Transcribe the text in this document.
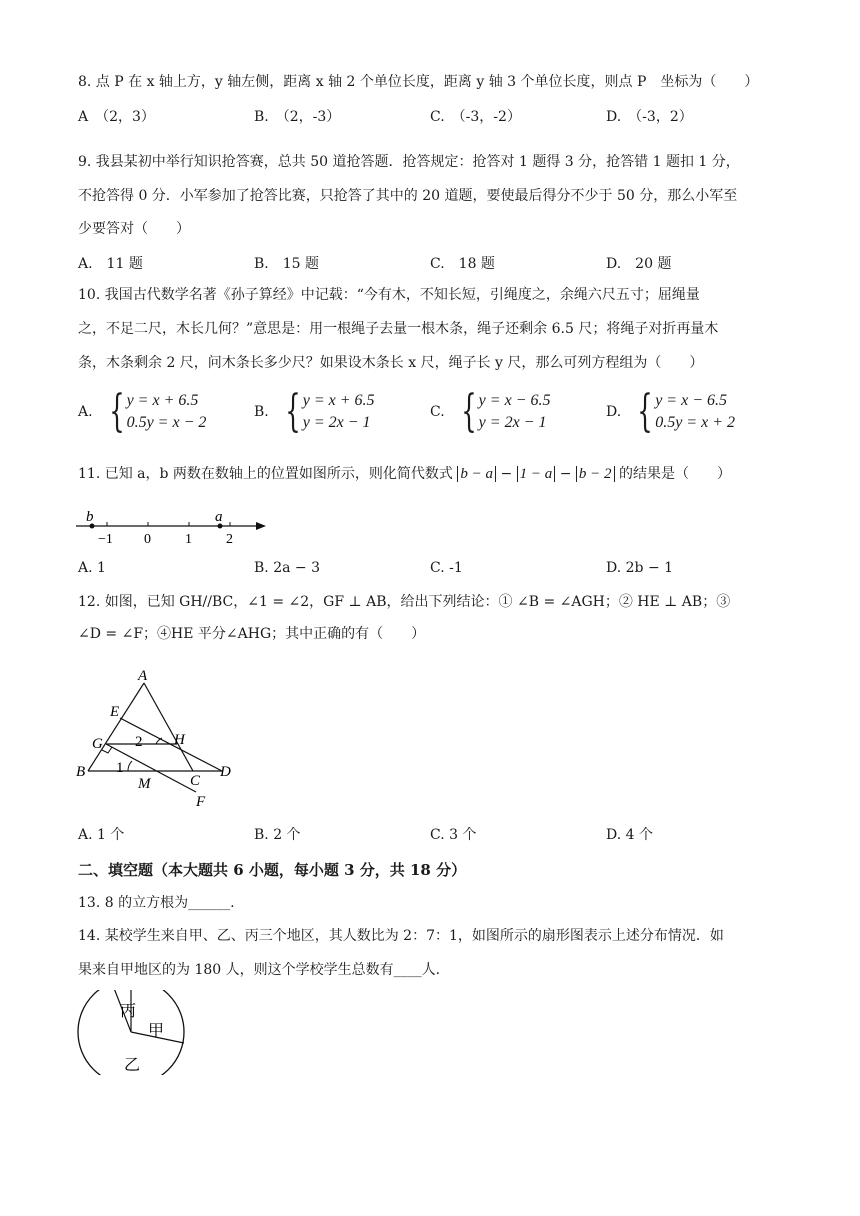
8. 点 P 在 x 轴上方，y 轴左侧，距离 x 轴 2 个单位长度，距离 y 轴 3 个单位长度，则点 P　坐标为（　　）
A　（2，3）	B.　（2，-3）	C.　（-3，-2）	D.　（-3，2）
9. 我县某初中举行知识抢答赛，总共 50 道抢答题．抢答规定：抢答对 1 题得 3 分，抢答错 1 题扣 1 分，
不抢答得 0 分．小军参加了抢答比赛，只抢答了其中的 20 道题，要使最后得分不少于 50 分，那么小军至
少要答对（　　）
A.　11 题	B.　15 题	C.　18 题	D.　20 题
10. 我国古代数学名著《孙子算经》中记载：“今有木，不知长短，引绳度之，余绳六尺五寸；屈绳量
之，不足二尺，木长几何？”意思是：用一根绳子去量一根木条，绳子还剩余 6.5 尺；将绳子对折再量木
条，木条剩余 2 尺，问木条长多少尺？如果设木条长 x 尺，绳子长 y 尺，那么可列方程组为（　　）
A. { y = x + 6.5
0.5y = x − 2
B. { y = x + 6.5
y = 2x − 1
C. { y = x − 6.5
y = 2x − 1
D. { y = x − 6.5
0.5y = x + 2
11. 已知 a，b 两数在数轴上的位置如图所示，则化简代数式 b − a − 1 − a − b − 2 的结果是（　　）
b	a
−1 0 1 2
A. 1	B. 2a − 3	C. -1	D. 2b − 1
12. 如图，已知 GH//BC，∠1 = ∠2，GF ⊥ AB，给出下列结论：① ∠B = ∠AGH；② HE ⊥ AB；③
∠D = ∠F；④HE 平分∠AHG；其中正确的有（　　）
A
E
G 2 H
B 1
M	C
D
F
A. 1 个	B. 2 个	C. 3 个	D. 4 个
二、填空题（本大题共 6 小题，每小题 3 分，共 18 分）
13. 8 的立方根为______.
14. 某校学生来自甲、乙、丙三个地区，其人数比为 2：7：1，如图所示的扇形图表示上述分布情况．如
果来自甲地区的为 180 人，则这个学校学生总数有____人.
丙
甲
乙
